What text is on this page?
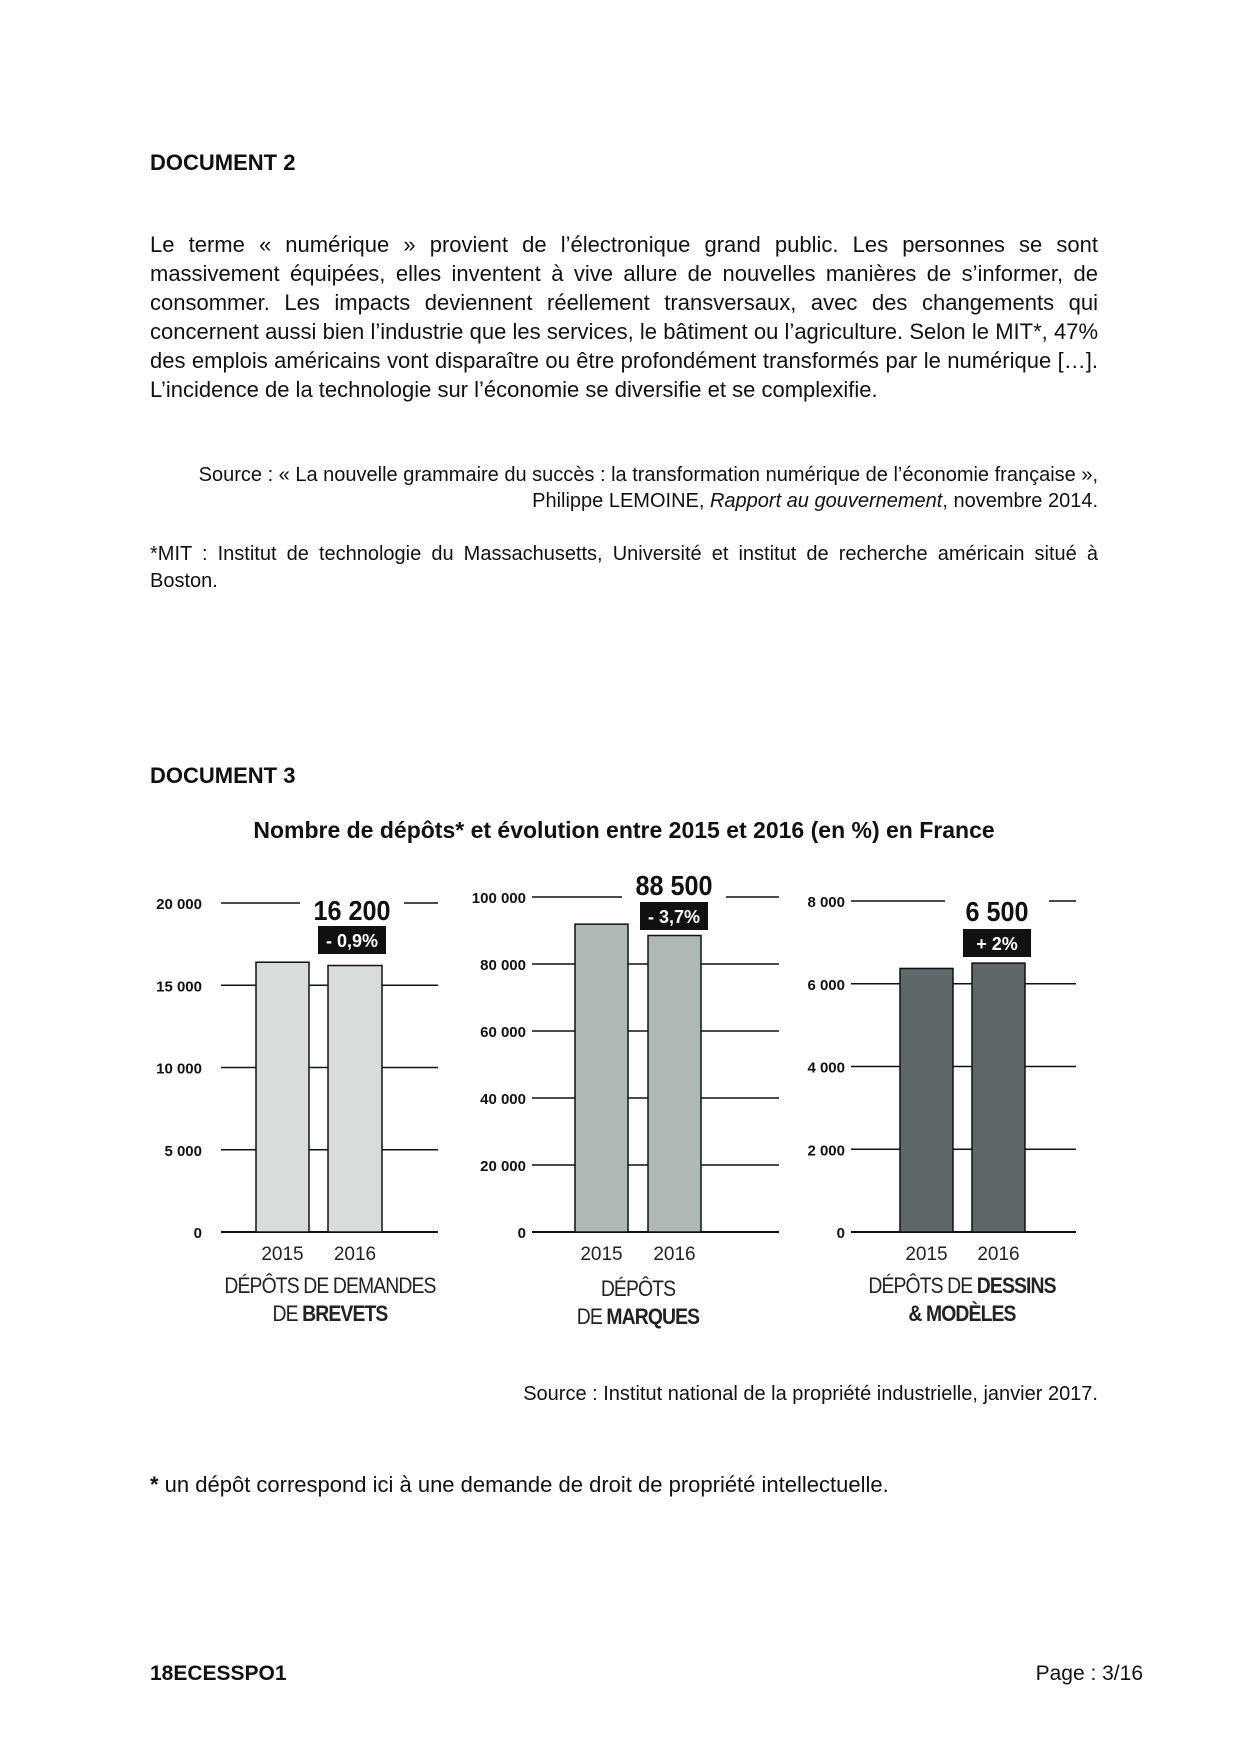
DOCUMENT 2
Le terme « numérique » provient de l’électronique grand public. Les personnes se sont massivement équipées, elles inventent à vive allure de nouvelles manières de s’informer, de consommer. Les impacts deviennent réellement transversaux, avec des changements qui concernent aussi bien l’industrie que les services, le bâtiment ou l’agriculture. Selon le MIT*, 47% des emplois américains vont disparaître ou être profondément transformés par le numérique […]. L’incidence de la technologie sur l’économie se diversifie et se complexifie.
Source : « La nouvelle grammaire du succès : la transformation numérique de l’économie française », Philippe LEMOINE, Rapport au gouvernement, novembre 2014.
*MIT : Institut de technologie du Massachusetts, Université et institut de recherche américain situé à Boston.
DOCUMENT 3
Nombre de dépôts* et évolution entre 2015 et 2016 (en %) en France
0
5 000
10 000
15 000
20 000
2015 2016
16 200
- 0,9%
0
20 000
40 000
60 000
80 000
100 000
2015 2016
88 500
- 3,7%
0
2 000
4 000
6 000
8 000
2015 2016
6 500
+ 2%
DÉPÔTS DE DEMANDES
DE BREVETS
DÉPÔTS
DE MARQUES
DÉPÔTS DE DESSINS
& MODÈLES
Source : Institut national de la propriété industrielle, janvier 2017.
* un dépôt correspond ici à une demande de droit de propriété intellectuelle.
18ECESSPO1	Page : 3/16
